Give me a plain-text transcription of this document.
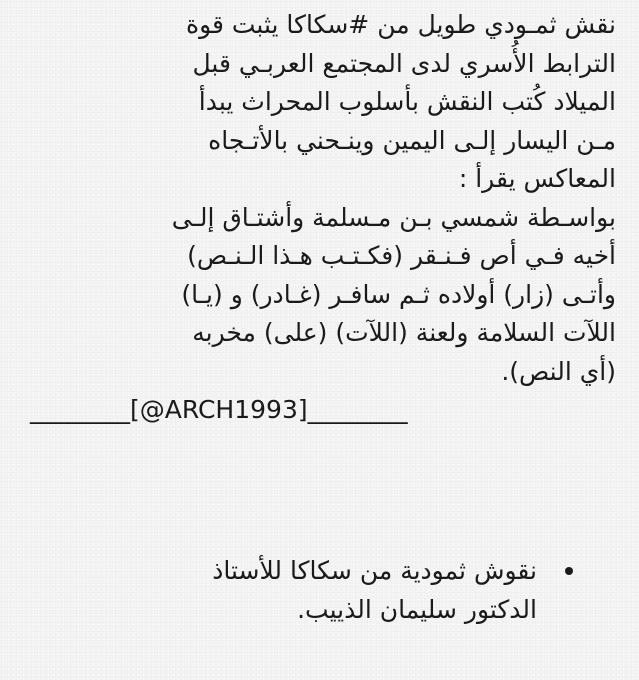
نقش ثمـودي طويل من #سكاكا يثبت قوة
الترابط الأُسري لدى المجتمع العربـي قبل
الميلاد كُتب النقش بأسلوب المحراث يبدأ
مـن اليسار إلـى اليمين وينـحني بالأتـجاه
المعاكس يقرأ :
بواسـطة شمسي بـن مـسلمة وأشتـاق إلـى
أخيه فـي أص فـنـقر (فكـتـب هـذا الـنـص)
وأتـى (زار) أولاده ثـم سافـر (غـادر) و (يـا)
اللآت السلامة ولعنة (اللآت) (على) مخربه
(أي النص).
________[@ARCH1993]________
نقوش ثمودية من سكاكا للأستاذ
الدكتور سليمان الذييب.
